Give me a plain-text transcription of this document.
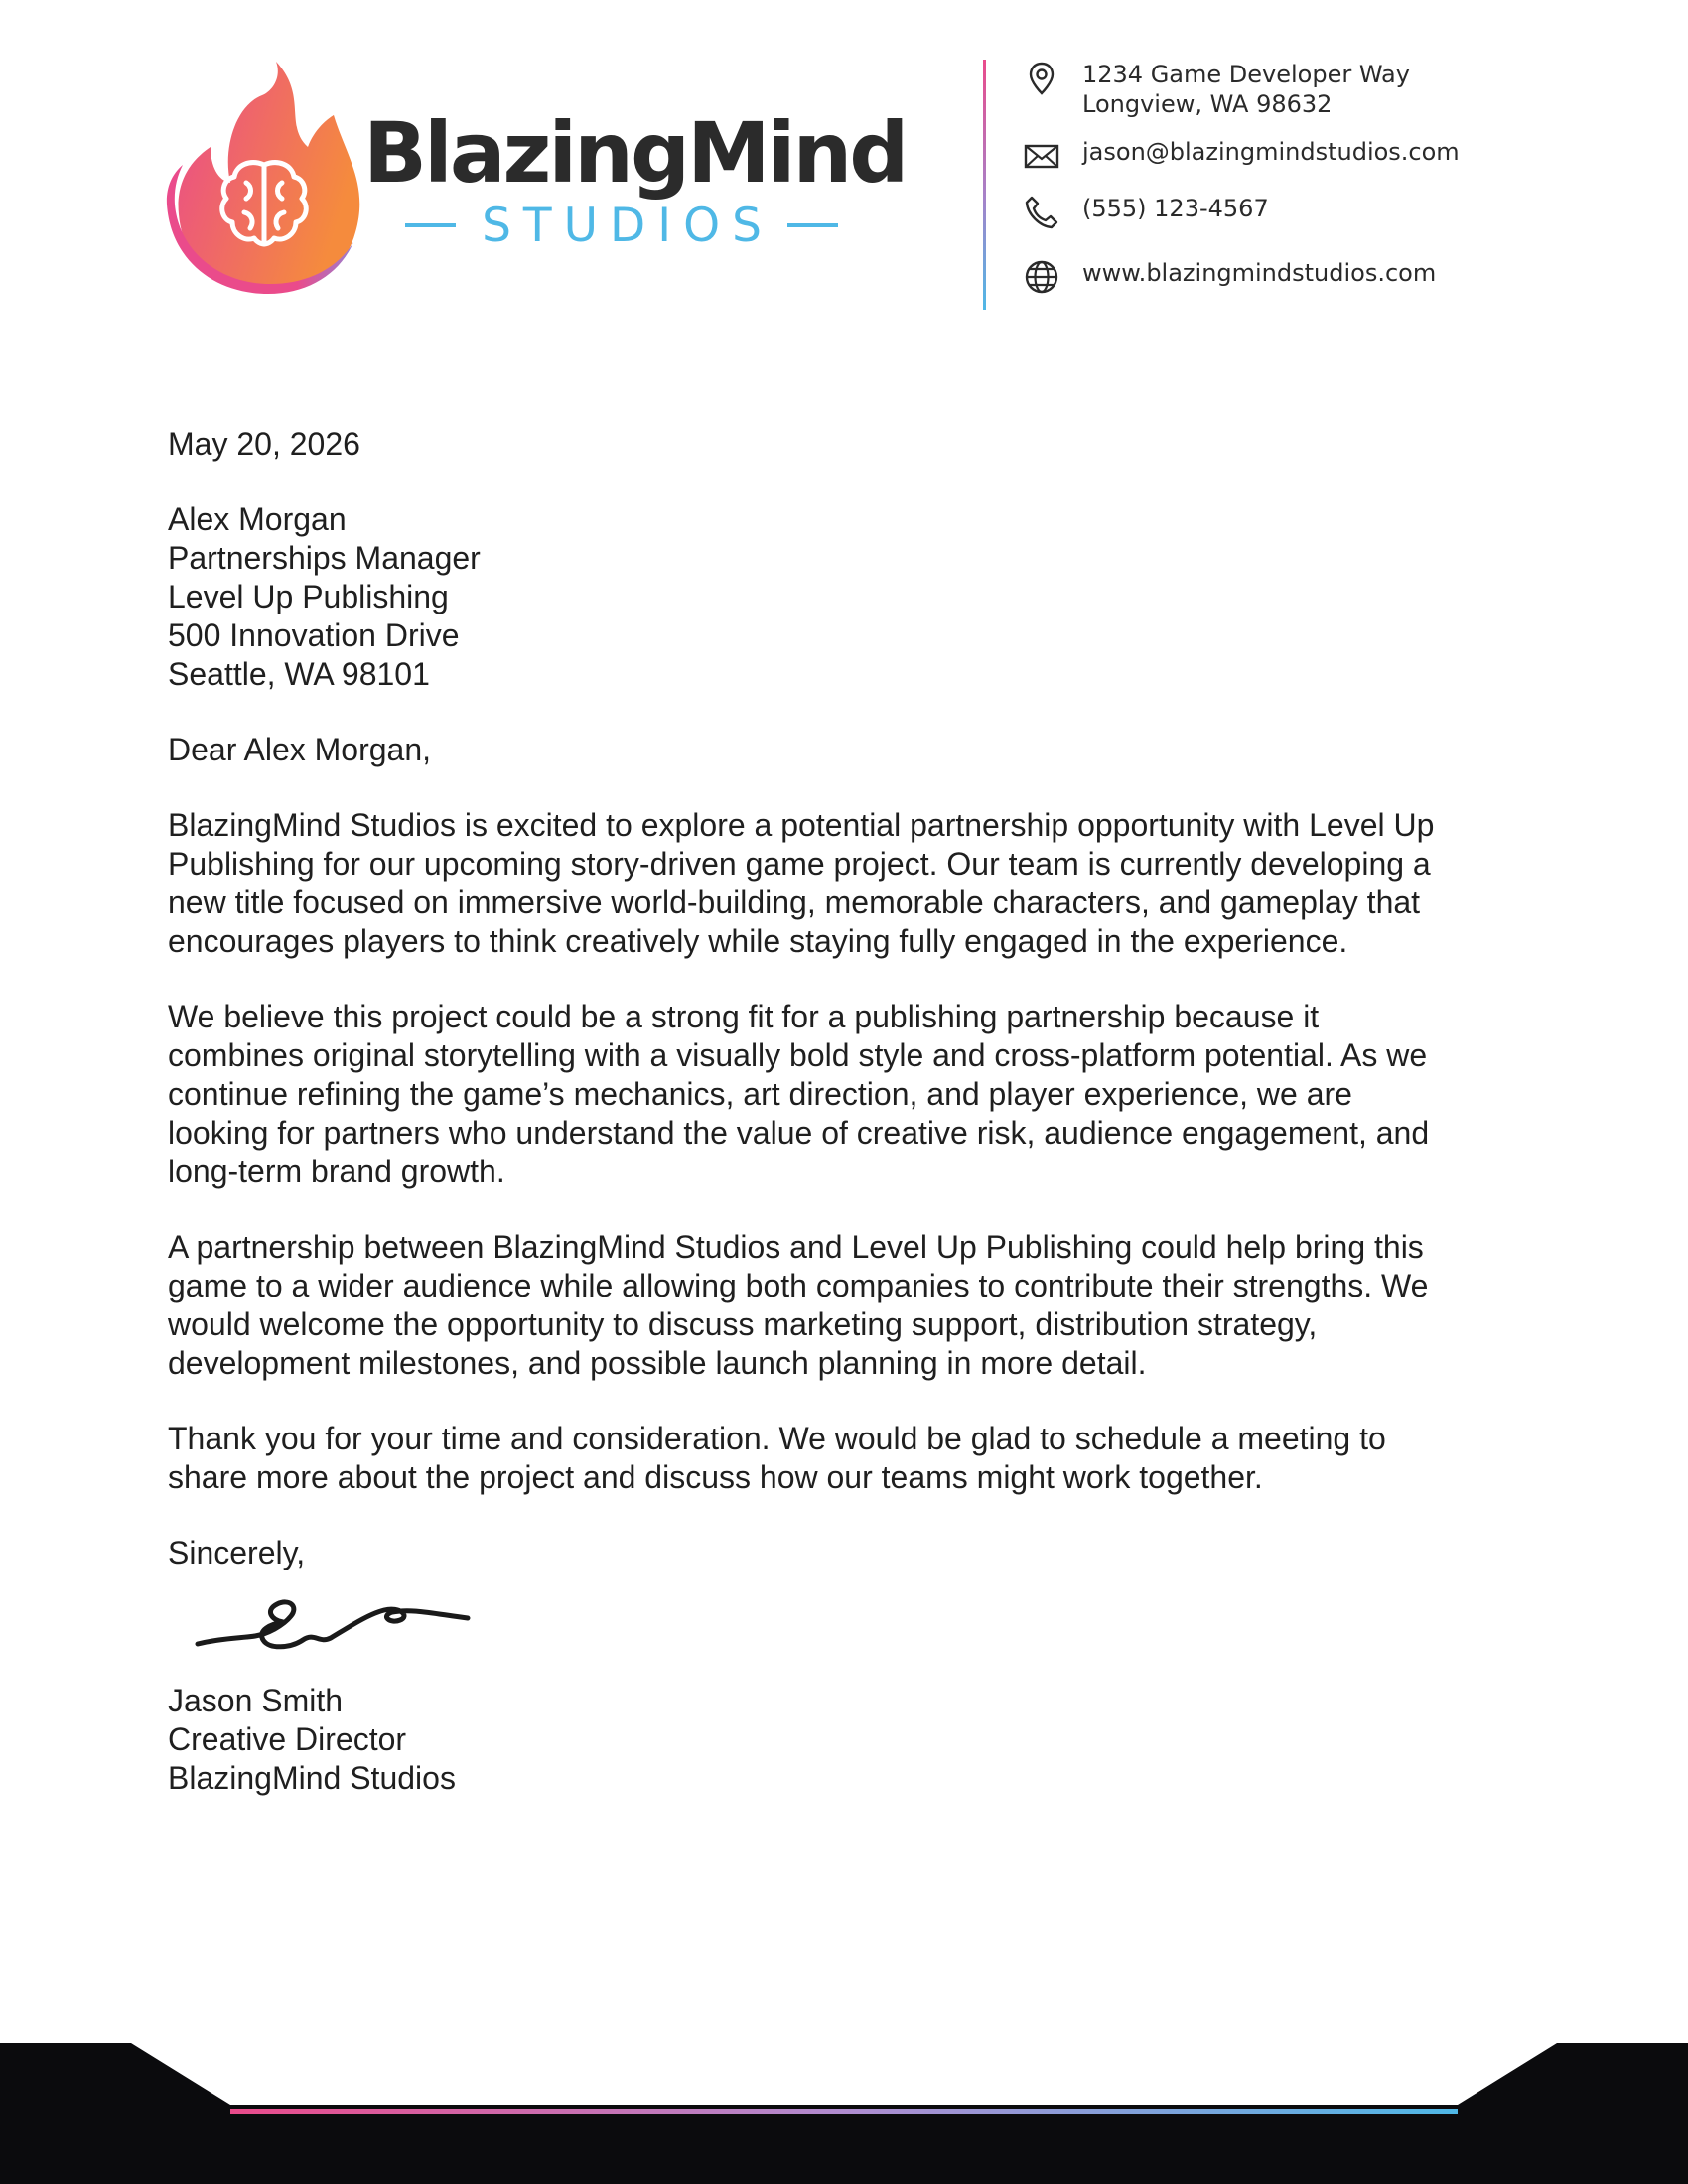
BlazingMind
STUDIOS
1234 Game Developer Way
Longview, WA 98632
jason@blazingmindstudios.com
(555) 123-4567
www.blazingmindstudios.com
May 20, 2026
Alex Morgan
Partnerships Manager
Level Up Publishing
500 Innovation Drive
Seattle, WA 98101
Dear Alex Morgan,
BlazingMind Studios is excited to explore a potential partnership opportunity with Level Up
Publishing for our upcoming story-driven game project. Our team is currently developing a
new title focused on immersive world-building, memorable characters, and gameplay that
encourages players to think creatively while staying fully engaged in the experience.
We believe this project could be a strong fit for a publishing partnership because it
combines original storytelling with a visually bold style and cross-platform potential. As we
continue refining the game’s mechanics, art direction, and player experience, we are
looking for partners who understand the value of creative risk, audience engagement, and
long-term brand growth.
A partnership between BlazingMind Studios and Level Up Publishing could help bring this
game to a wider audience while allowing both companies to contribute their strengths. We
would welcome the opportunity to discuss marketing support, distribution strategy,
development milestones, and possible launch planning in more detail.
Thank you for your time and consideration. We would be glad to schedule a meeting to
share more about the project and discuss how our teams might work together.
Sincerely,
Jason Smith
Creative Director
BlazingMind Studios
